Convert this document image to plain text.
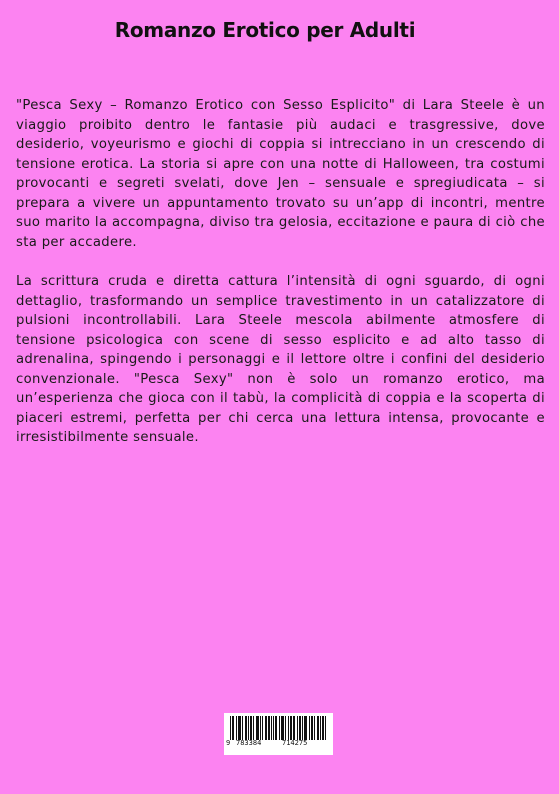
Romanzo Erotico per Adulti

"Pesca Sexy – Romanzo Erotico con Sesso Esplicito" di Lara Steele è un viaggio proibito dentro le fantasie più audaci e trasgressive, dove desiderio, voyeurismo e giochi di coppia si intrecciano in un crescendo di tensione erotica. La storia si apre con una notte di Halloween, tra costumi provocanti e segreti svelati, dove Jen – sensuale e spregiudicata – si prepara a vivere un appuntamento trovato su un’app di incontri, mentre suo marito la accompagna, diviso tra gelosia, eccitazione e paura di ciò che sta per accadere.

La scrittura cruda e diretta cattura l’intensità di ogni sguardo, di ogni dettaglio, trasformando un semplice travestimento in un catalizzatore di pulsioni incontrollabili. Lara Steele mescola abilmente atmosfere di tensione psicologica con scene di sesso esplicito e ad alto tasso di adrenalina, spingendo i personaggi e il lettore oltre i confini del desiderio convenzionale. "Pesca Sexy" non è solo un romanzo erotico, ma un’esperienza che gioca con il tabù, la complicità di coppia e la scoperta di piaceri estremi, perfetta per chi cerca una lettura intensa, provocante e irresistibilmente sensuale.

9 783384	714275
